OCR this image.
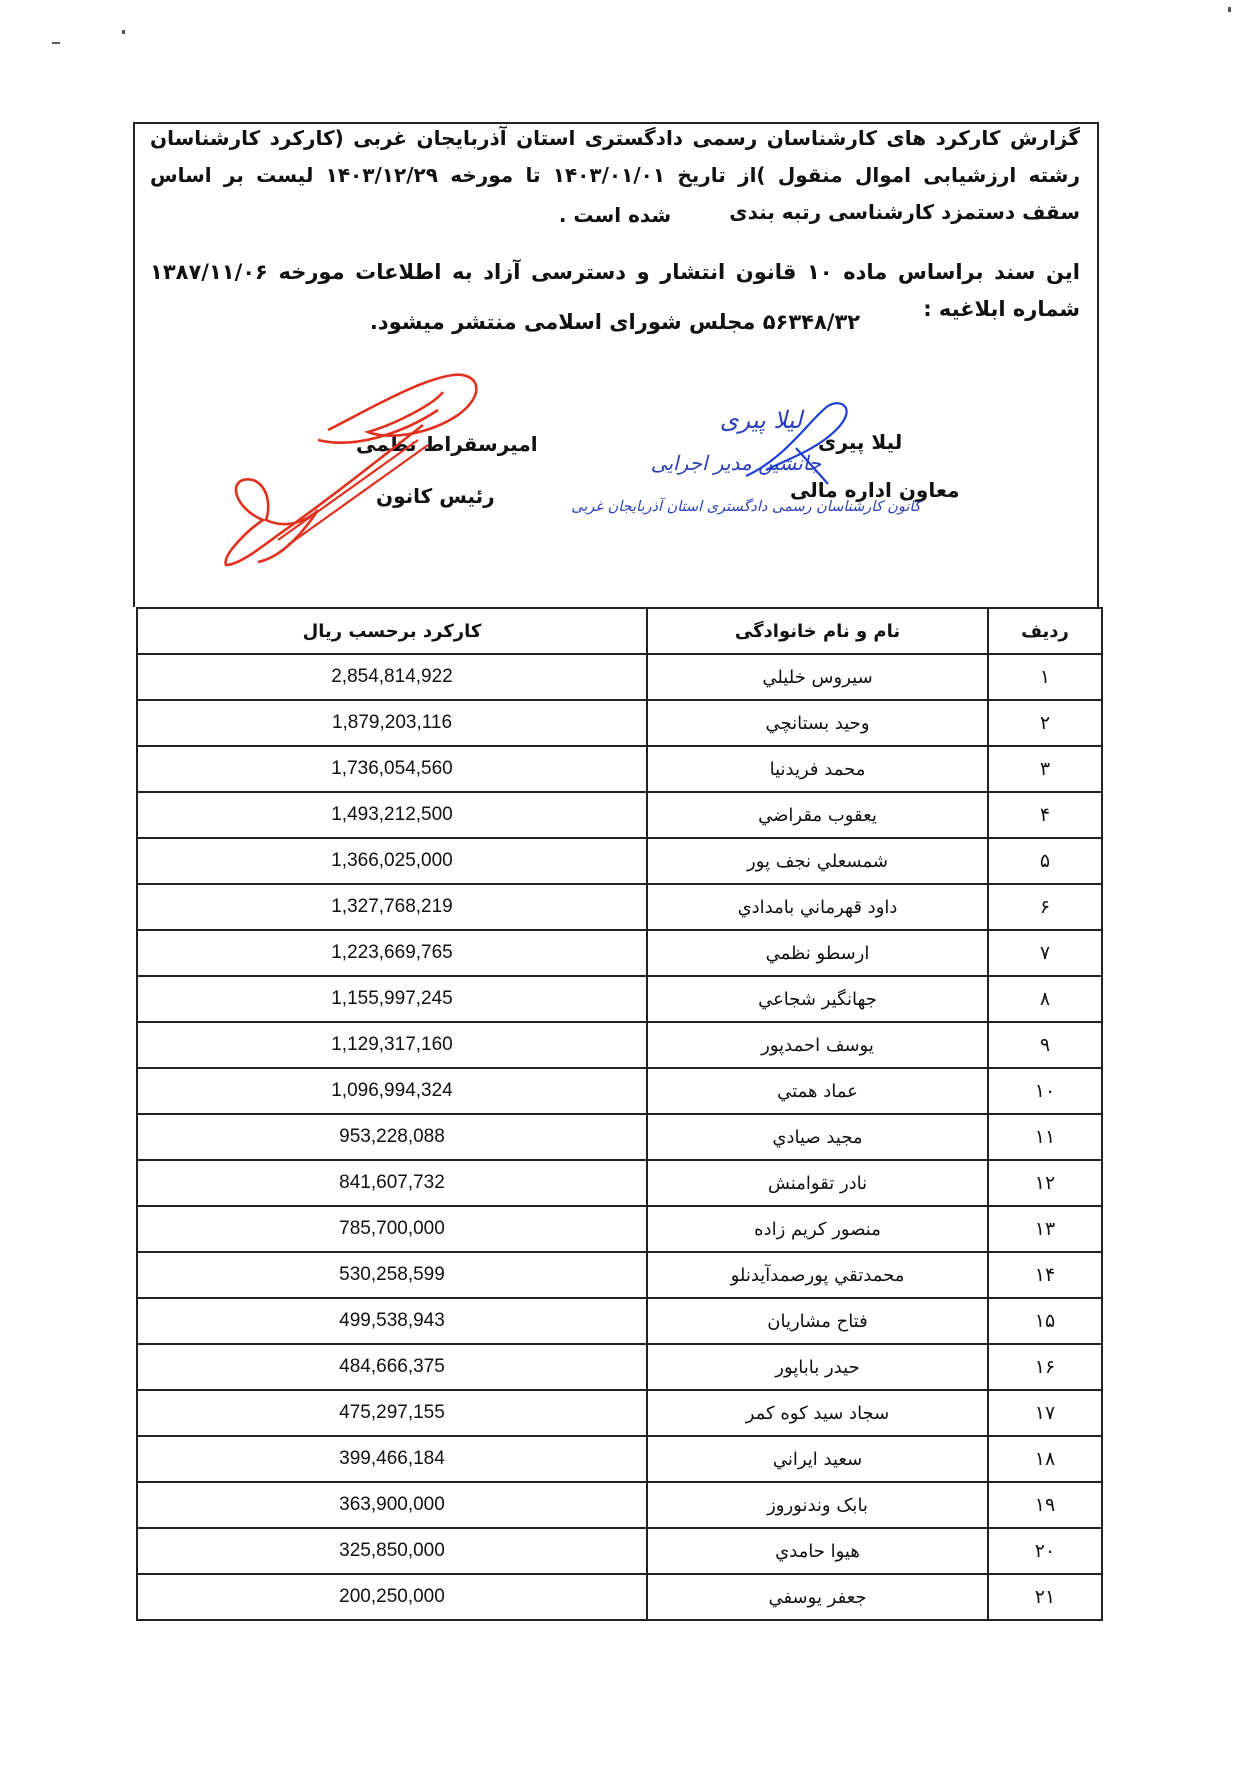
گزارش کارکرد های کارشناسان رسمی دادگستری استان آذربایجان غربی (کارکرد کارشناسان رشته ارزشیابی اموال منقول )از تاریخ ۱۴۰۳/۰۱/۰۱ تا مورخه ۱۴۰۳/۱۲/۲۹ لیست بر اساس سقف دستمزد کارشناسی رتبه بندی
شده است .
این سند براساس ماده ۱۰ قانون انتشار و دسترسی آزاد به اطلاعات مورخه ۱۳۸۷/۱۱/۰۶ شماره ابلاغیه :
۵۶۳۴۸/۳۲ مجلس شورای اسلامی منتشر میشود.
لیلا پیری
معاون اداره مالی
لیلا پیری
جانشین مدیر اجرایی
کانون کارشناسان رسمی دادگستری استان آذربایجان غربی
امیرسقراط نظمی
رئیس کانون
ردیف	نام و نام خانوادگی	کارکرد برحسب ریال
۱	سیروس خلیلي	2,854,814,922
۲	وحید بستانچي	1,879,203,116
۳	محمد فریدنیا	1,736,054,560
۴	یعقوب مقراضي	1,493,212,500
۵	شمسعلي نجف پور	1,366,025,000
۶	داود قهرماني بامدادي	1,327,768,219
۷	ارسطو نظمي	1,223,669,765
۸	جهانگیر شجاعي	1,155,997,245
۹	یوسف احمدپور	1,129,317,160
۱۰	عماد همتي	1,096,994,324
۱۱	مجید صیادي	953,228,088
۱۲	نادر تقوامنش	841,607,732
۱۳	منصور کریم زاده	785,700,000
۱۴	محمدتقي پورصمدآیدنلو	530,258,599
۱۵	فتاح مشاریان	499,538,943
۱۶	حیدر باباپور	484,666,375
۱۷	سجاد سید کوه کمر	475,297,155
۱۸	سعید ایراني	399,466,184
۱۹	بابک وندنوروز	363,900,000
۲۰	هیوا حامدي	325,850,000
۲۱	جعفر یوسفي	200,250,000
